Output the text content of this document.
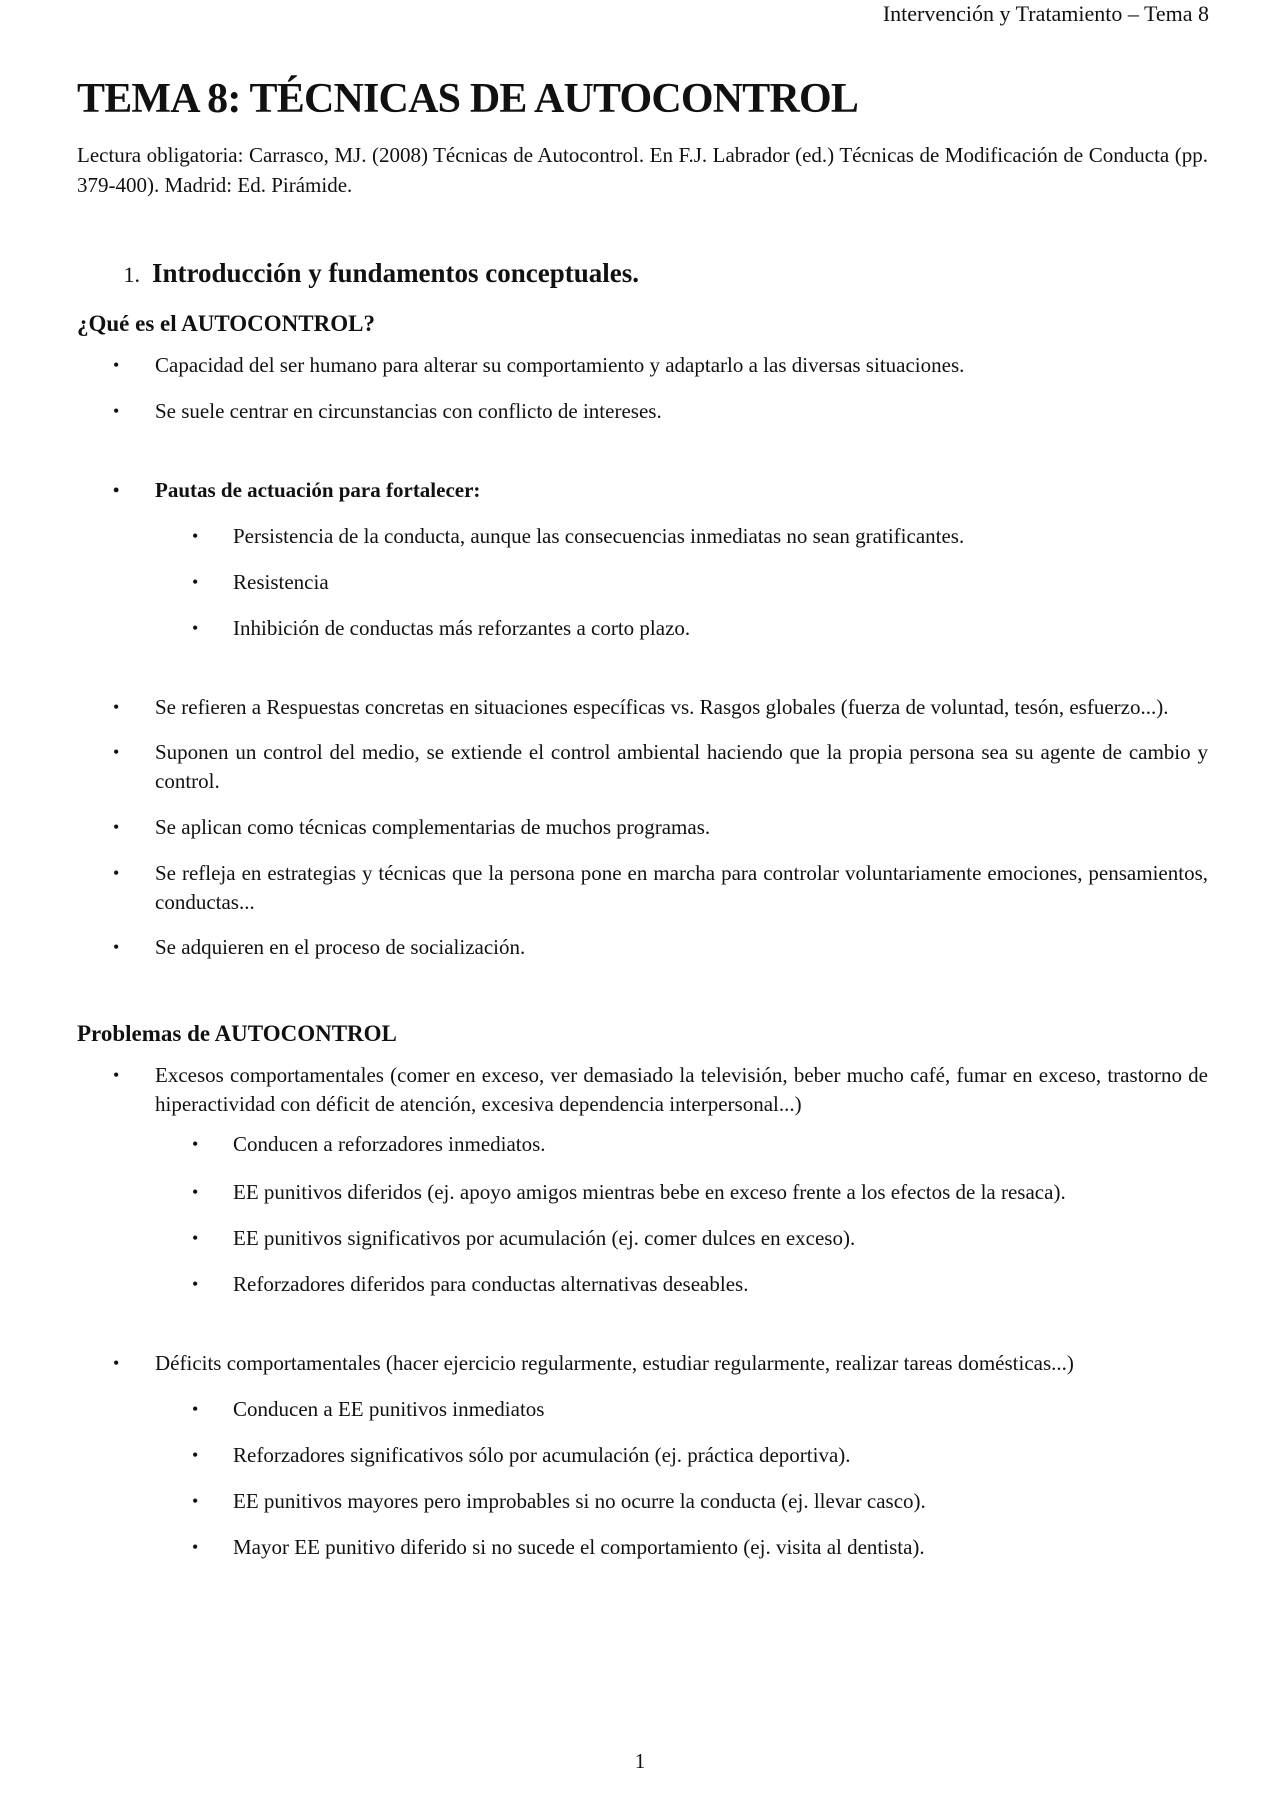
Intervención y Tratamiento – Tema 8

TEMA 8: TÉCNICAS DE AUTOCONTROL

Lectura obligatoria: Carrasco, MJ. (2008) Técnicas de Autocontrol. En F.J. Labrador (ed.) Técnicas de Modificación de Conducta (pp. 379-400). Madrid: Ed. Pirámide.

1. Introducción y fundamentos conceptuales.

¿Qué es el AUTOCONTROL?

• Capacidad del ser humano para alterar su comportamiento y adaptarlo a las diversas situaciones.
• Se suele centrar en circunstancias con conflicto de intereses.
• Pautas de actuación para fortalecer:
• Persistencia de la conducta, aunque las consecuencias inmediatas no sean gratificantes.
• Resistencia
• Inhibición de conductas más reforzantes a corto plazo.
• Se refieren a Respuestas concretas en situaciones específicas vs. Rasgos globales (fuerza de voluntad, tesón, esfuerzo...).
• Suponen un control del medio, se extiende el control ambiental haciendo que la propia persona sea su agente de cambio y control.
• Se aplican como técnicas complementarias de muchos programas.
• Se refleja en estrategias y técnicas que la persona pone en marcha para controlar voluntariamente emociones, pensamientos, conductas...
• Se adquieren en el proceso de socialización.

Problemas de AUTOCONTROL

• Excesos comportamentales (comer en exceso, ver demasiado la televisión, beber mucho café, fumar en exceso, trastorno de hiperactividad con déficit de atención, excesiva dependencia interpersonal...)
• Conducen a reforzadores inmediatos.
• EE punitivos diferidos (ej. apoyo amigos mientras bebe en exceso frente a los efectos de la resaca).
• EE punitivos significativos por acumulación (ej. comer dulces en exceso).
• Reforzadores diferidos para conductas alternativas deseables.
• Déficits comportamentales (hacer ejercicio regularmente, estudiar regularmente, realizar tareas domésticas...)
• Conducen a EE punitivos inmediatos
• Reforzadores significativos sólo por acumulación (ej. práctica deportiva).
• EE punitivos mayores pero improbables si no ocurre la conducta (ej. llevar casco).
• Mayor EE punitivo diferido si no sucede el comportamiento (ej. visita al dentista).

1
